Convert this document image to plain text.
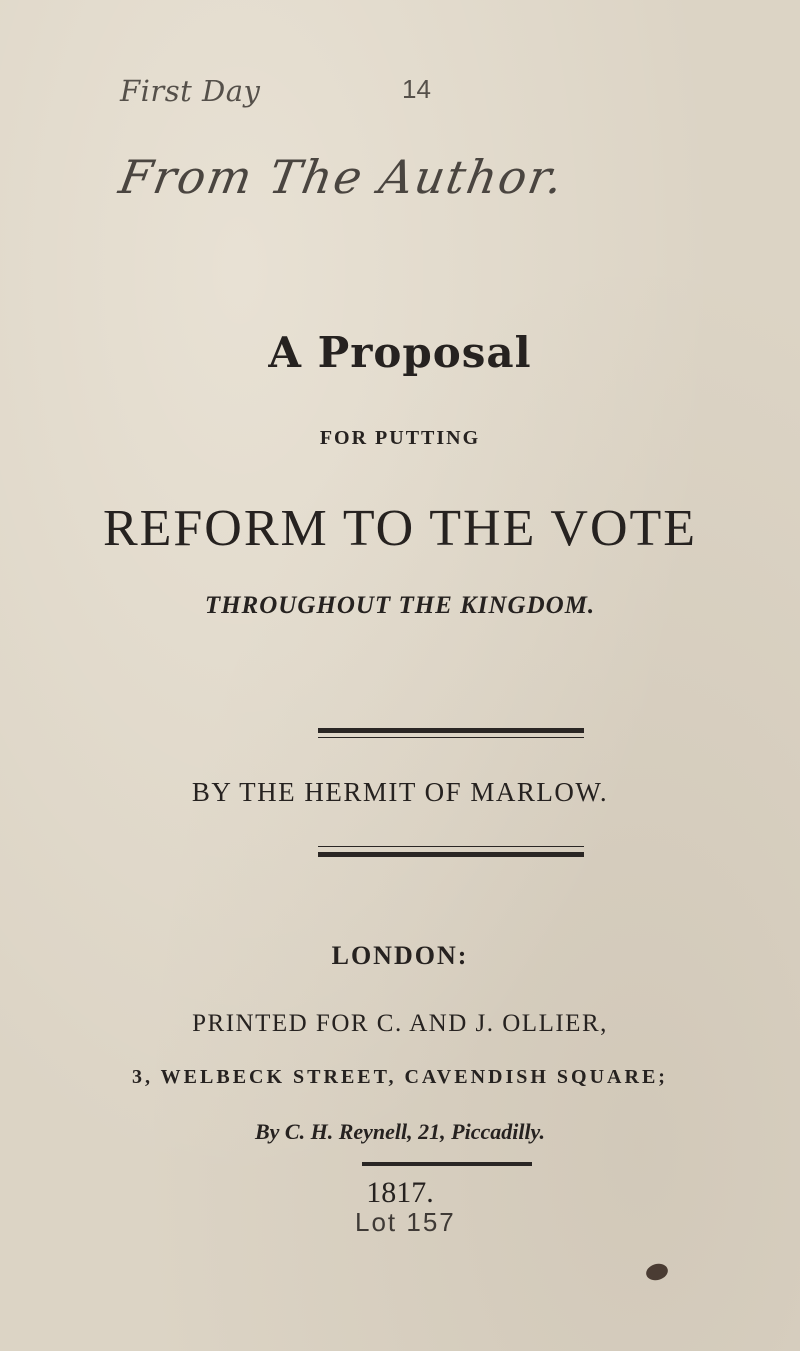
First Day	14
From The Author.
A Proposal
FOR PUTTING
REFORM TO THE VOTE
THROUGHOUT THE KINGDOM.
BY THE HERMIT OF MARLOW.
LONDON:
PRINTED FOR C. AND J. OLLIER,
3, WELBECK STREET, CAVENDISH SQUARE;
By C. H. Reynell, 21, Piccadilly.
1817.
Lot 157
